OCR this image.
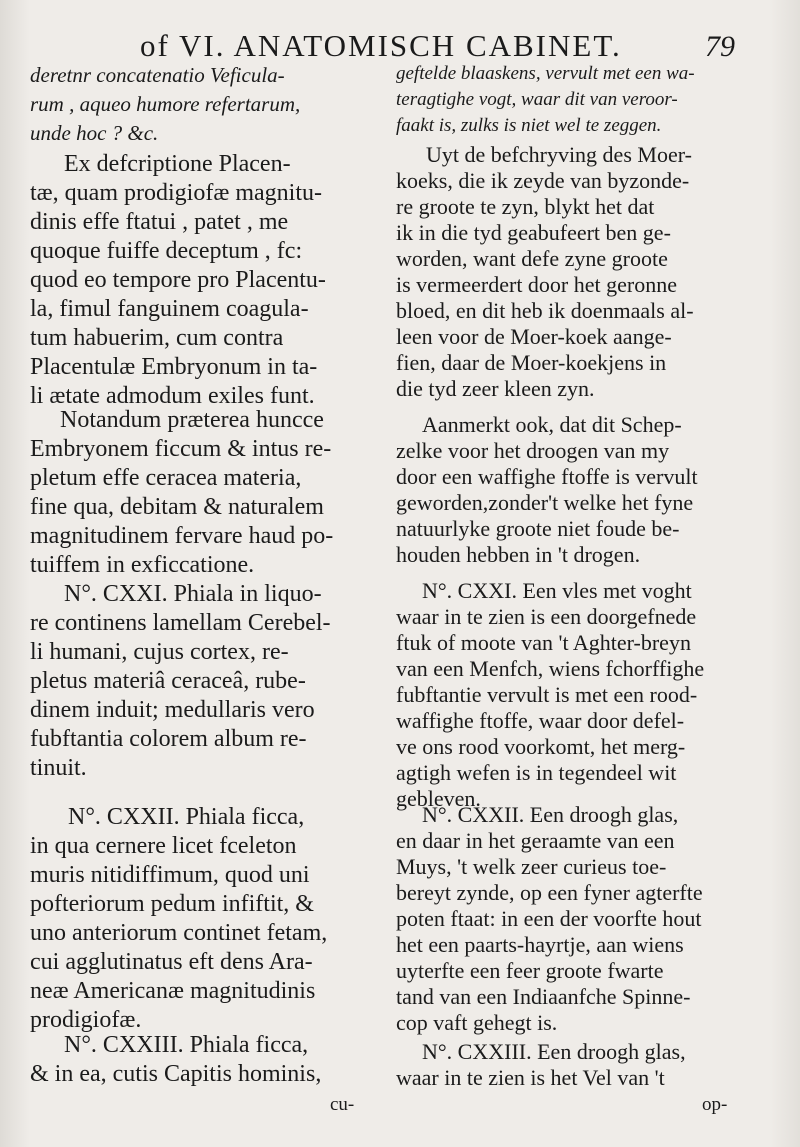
of VI. ANATOMISCH CABINET.	79
deretnr concatenatio Veficula-
rum , aqueo humore refertarum,
unde hoc ? &c.
Ex defcriptione Placen-
tæ, quam prodigiofæ magnitu-
dinis effe ftatui , patet , me
quoque fuiffe deceptum , fc:
quod eo tempore pro Placentu-
la, fimul fanguinem coagula-
tum habuerim, cum contra
Placentulæ Embryonum in ta-
li ætate admodum exiles funt.
Notandum præterea huncce
Embryonem ficcum & intus re-
pletum effe ceracea materia,
fine qua, debitam & naturalem
magnitudinem fervare haud po-
tuiffem in exficcatione.
N°. CXXI. Phiala in liquo-
re continens lamellam Cerebel-
li humani, cujus cortex, re-
pletus materiâ ceraceâ, rube-
dinem induit; medullaris vero
fubftantia colorem album re-
tinuit.
N°. CXXII. Phiala ficca,
in qua cernere licet fceleton
muris nitidiffimum, quod uni
pofteriorum pedum infiftit, &
uno anteriorum continet fetam,
cui agglutinatus eft dens Ara-
neæ Americanæ magnitudinis
prodigiofæ.
N°. CXXIII. Phiala ficca,
& in ea, cutis Capitis hominis,
cu-
geftelde blaaskens, vervult met een wa-
teragtighe vogt, waar dit van veroor-
faakt is, zulks is niet wel te zeggen.
Uyt de befchryving des Moer-
koeks, die ik zeyde van byzonde-
re groote te zyn, blykt het dat
ik in die tyd geabufeert ben ge-
worden, want defe zyne groote
is vermeerdert door het geronne
bloed, en dit heb ik doenmaals al-
leen voor de Moer-koek aange-
fien, daar de Moer-koekjens in
die tyd zeer kleen zyn.
Aanmerkt ook, dat dit Schep-
zelke voor het droogen van my
door een waffighe ftoffe is vervult
geworden,zonder't welke het fyne
natuurlyke groote niet foude be-
houden hebben in 't drogen.
N°. CXXI. Een vles met voght
waar in te zien is een doorgefnede
ftuk of moote van 't Aghter-breyn
van een Menfch, wiens fchorffighe
fubftantie vervult is met een rood-
waffighe ftoffe, waar door defel-
ve ons rood voorkomt, het merg-
agtigh wefen is in tegendeel wit
gebleven.
N°. CXXII. Een droogh glas,
en daar in het geraamte van een
Muys, 't welk zeer curieus toe-
bereyt zynde, op een fyner agterfte
poten ftaat: in een der voorfte hout
het een paarts-hayrtje, aan wiens
uyterfte een feer groote fwarte
tand van een Indiaanfche Spinne-
cop vaft gehegt is.
N°. CXXIII. Een droogh glas,
waar in te zien is het Vel van 't
op-
